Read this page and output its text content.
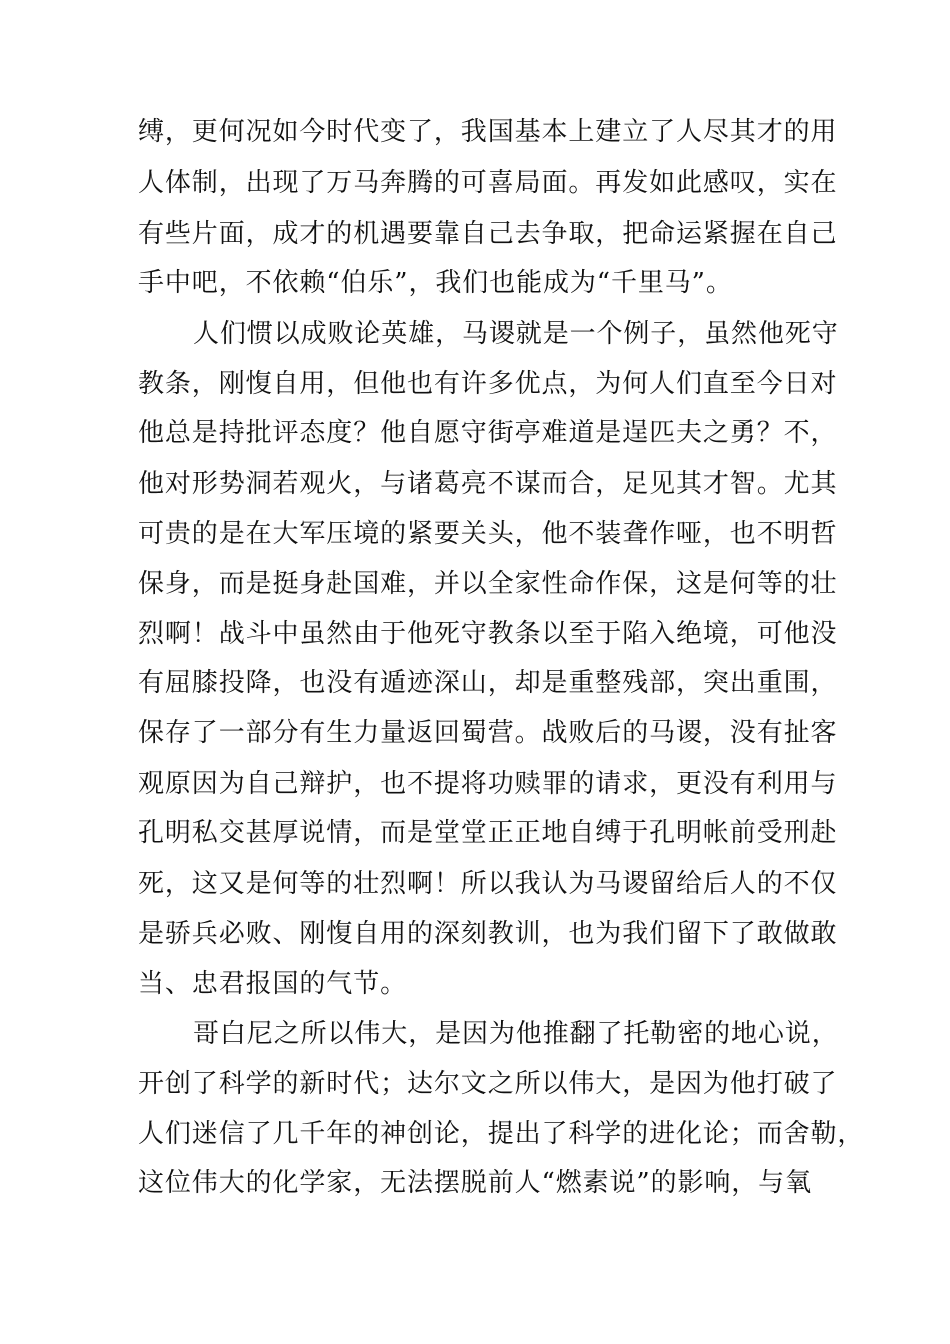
缚，更何况如今时代变了，我国基本上建立了人尽其才的用
人体制，出现了万马奔腾的可喜局面。再发如此感叹，实在
有些片面，成才的机遇要靠自己去争取，把命运紧握在自己
手中吧，不依赖“伯乐”，我们也能成为“千里马”。
人们惯以成败论英雄，马谡就是一个例子，虽然他死守
教条，刚愎自用，但他也有许多优点，为何人们直至今日对
他总是持批评态度？他自愿守街亭难道是逞匹夫之勇？不，
他对形势洞若观火，与诸葛亮不谋而合，足见其才智。尤其
可贵的是在大军压境的紧要关头，他不装聋作哑，也不明哲
保身，而是挺身赴国难，并以全家性命作保，这是何等的壮
烈啊！战斗中虽然由于他死守教条以至于陷入绝境，可他没
有屈膝投降，也没有遁迹深山，却是重整残部，突出重围，
保存了一部分有生力量返回蜀营。战败后的马谡，没有扯客
观原因为自己辩护，也不提将功赎罪的请求，更没有利用与
孔明私交甚厚说情，而是堂堂正正地自缚于孔明帐前受刑赴
死，这又是何等的壮烈啊！所以我认为马谡留给后人的不仅
是骄兵必败、刚愎自用的深刻教训，也为我们留下了敢做敢
当、忠君报国的气节。
哥白尼之所以伟大，是因为他推翻了托勒密的地心说，
开创了科学的新时代；达尔文之所以伟大，是因为他打破了
人们迷信了几千年的神创论，提出了科学的进化论；而舍勒，
这位伟大的化学家，无法摆脱前人“燃素说”的影响，与氧
